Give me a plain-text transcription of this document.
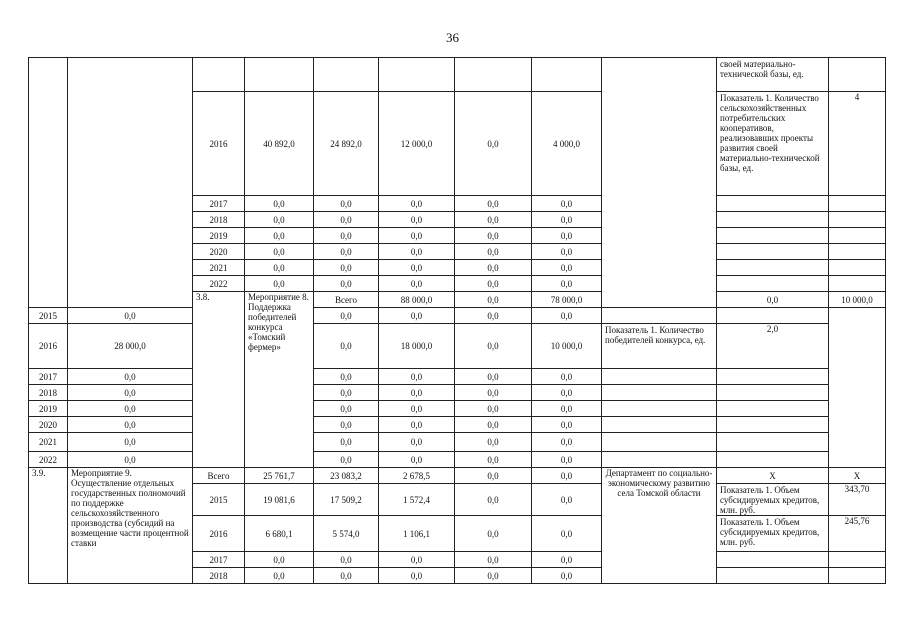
36
									своей материально-технической базы, ед.		
		2016	40 892,0	24 892,0	12 000,0	0,0	4 000,0		Показатель 1. Количество сельскохозяйственных потребительских кооперативов, реализовавших проекты развития своей материально-технической базы, ед.	4	
		2017	0,0	0,0	0,0	0,0	0,0				
		2018	0,0	0,0	0,0	0,0	0,0				
		2019	0,0	0,0	0,0	0,0	0,0				
		2020	0,0	0,0	0,0	0,0	0,0				
		2021	0,0	0,0	0,0	0,0	0,0				
		2022	0,0	0,0	0,0	0,0	0,0				
		3.8.	Мероприятие 8. Поддержка победителей конкурса «Томский фермер»	Всего	88 000,0	0,0	78 000,0		0,0	10 000,0			
2015	0,0			0,0	0,0	0,0	0,0				
2016	28 000,0			0,0	18 000,0	0,0	10 000,0	Показатель 1. Количество победителей конкурса, ед.	2,0		
2017	0,0			0,0	0,0	0,0	0,0				
2018	0,0			0,0	0,0	0,0	0,0				
2019	0,0			0,0	0,0	0,0	0,0				
2020	0,0			0,0	0,0	0,0	0,0				
2021	0,0			0,0	0,0	0,0	0,0				
2022	0,0			0,0	0,0	0,0	0,0				
3.9.	Мероприятие 9. Осуществление отдельных государственных полномочий по поддержке сельскохозяйственного производства (субсидий на возмещение части процентной ставки	Всего	25 761,7	23 083,2	2 678,5	0,0	0,0	Департамент по социально-экономическому развитию села Томской области	Х	Х	
		2015	19 081,6	17 509,2	1 572,4	0,0	0,0		Показатель 1. Объем субсидируемых кредитов, млн. руб.	343,70	
		2016	6 680,1	5 574,0	1 106,1	0,0	0,0		Показатель 1. Объем субсидируемых кредитов, млн. руб.	245,76	
		2017	0,0	0,0	0,0	0,0	0,0				
		2018	0,0	0,0	0,0	0,0	0,0				
